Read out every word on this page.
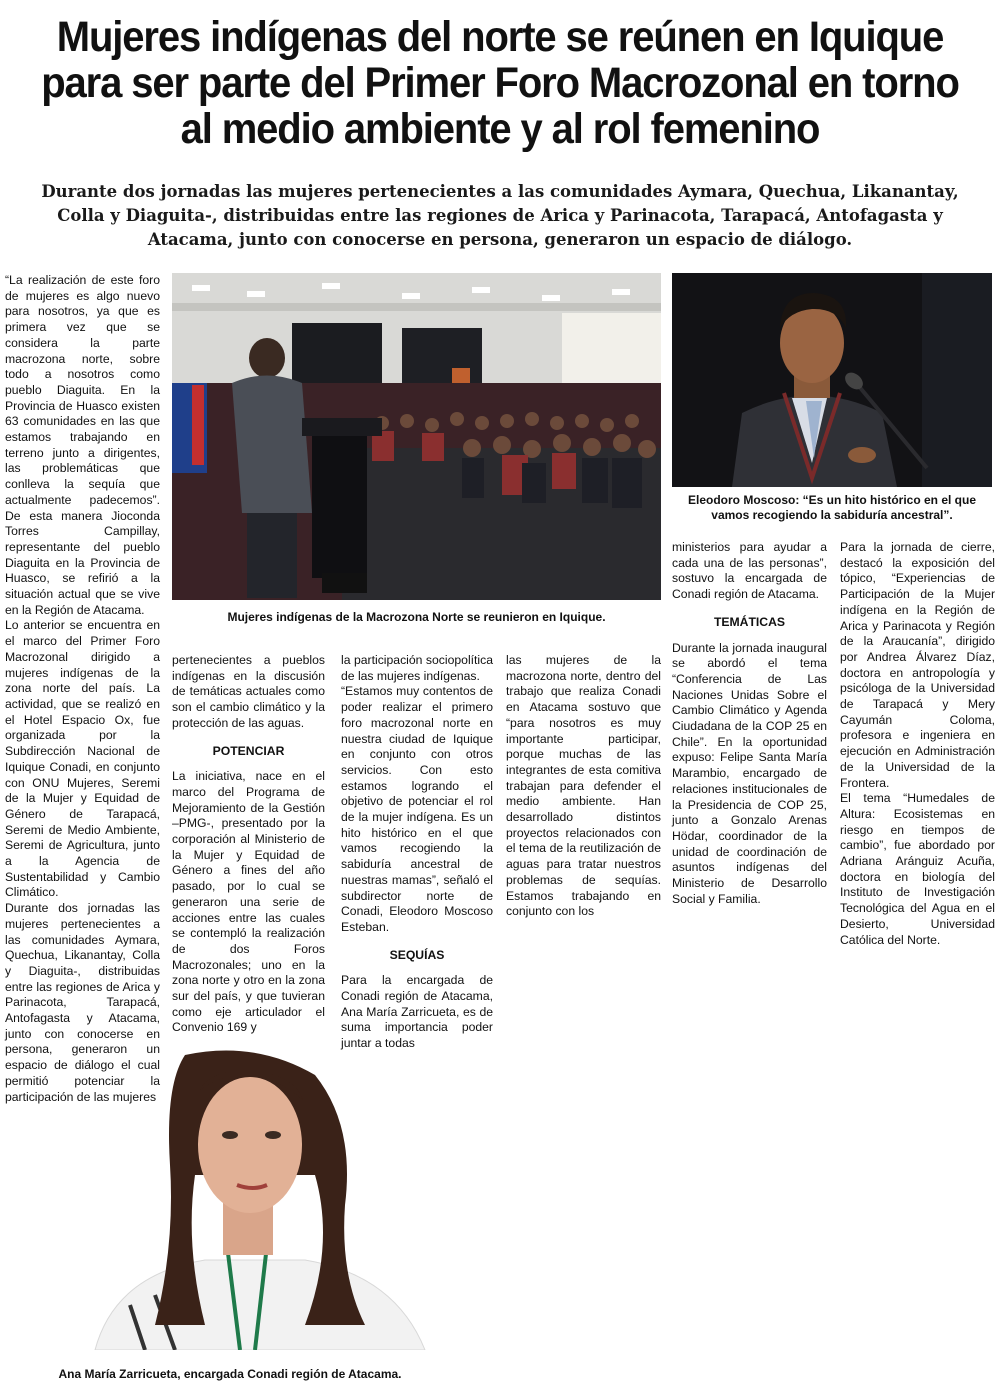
Mujeres indígenas del norte se reúnen en Iquique
para ser parte del Primer Foro Macrozonal en torno
al medio ambiente y al rol femenino
Durante dos jornadas las mujeres pertenecientes a las comunidades Aymara, Quechua, Likanantay, Colla y Diaguita-, distribuidas entre las regiones de Arica y Parinacota, Tarapacá, Antofagasta y Atacama, junto con conocerse en persona, generaron un espacio de diálogo.
Mujeres indígenas de la Macrozona Norte se reunieron en Iquique.
Eleodoro Moscoso: “Es un hito histórico en el que vamos recogiendo la sabiduría ancestral”.
Ana María Zarricueta, encargada Conadi región de Atacama.

“La realización de este foro de mujeres es algo nuevo para nosotros, ya que es primera vez que se considera la parte macrozona norte, sobre todo a nosotros como pueblo Diaguita. En la Provincia de Huasco existen 63 comunidades en las que estamos trabajando en terreno junto a dirigentes, las problemáticas que conlleva la sequía que actualmente padecemos”. De esta manera Jioconda Torres Campillay, representante del pueblo Diaguita en la Provincia de Huasco, se refirió a la situación actual que se vive en la Región de Atacama.

Lo anterior se encuentra en el marco del Primer Foro Macrozonal dirigido a mujeres indígenas de la zona norte del país. La actividad, que se realizó en el Hotel Espacio Ox, fue organizada por la Subdirección Nacional de Iquique Conadi, en conjunto con ONU Mujeres, Seremi de la Mujer y Equidad de Género de Tarapacá, Seremi de Medio Ambiente, Seremi de Agricultura, junto a la Agencia de Sustentabilidad y Cambio Climático.

Durante dos jornadas las mujeres pertenecientes a las comunidades Aymara, Quechua, Likanantay, Colla y Diaguita-, distribuidas entre las regiones de Arica y Parinacota, Tarapacá, Antofagasta y Atacama, junto con conocerse en persona, generaron un espacio de diálogo el cual permitió potenciar la participación de las mujeres

pertenecientes a pueblos indígenas en la discusión de temáticas actuales como son el cambio climático y la protección de las aguas.

POTENCIAR

La iniciativa, nace en el marco del Programa de Mejoramiento de la Gestión –PMG-, presentado por la corporación al Ministerio de la Mujer y Equidad de Género a fines del año pasado, por lo cual se generaron una serie de acciones entre las cuales se contempló la realización de dos Foros Macrozonales; uno en la zona norte y otro en la zona sur del país, y que tuvieran como eje articulador el Convenio 169 y

la participación sociopolítica de las mujeres indígenas.

“Estamos muy contentos de poder realizar el primero foro macrozonal norte en nuestra ciudad de Iquique en conjunto con otros servicios. Con esto estamos logrando el objetivo de potenciar el rol de la mujer indígena. Es un hito histórico en el que vamos recogiendo la sabiduría ancestral de nuestras mamas”, señaló el subdirector norte de Conadi, Eleodoro Moscoso Esteban.

SEQUÍAS

Para la encargada de Conadi región de Atacama, Ana María Zarricueta, es de suma importancia poder juntar a todas

las mujeres de la macrozona norte, dentro del trabajo que realiza Conadi en Atacama sostuvo que “para nosotros es muy importante participar, porque muchas de las integrantes de esta comitiva trabajan para defender el medio ambiente. Han desarrollado distintos proyectos relacionados con el tema de la reutilización de aguas para tratar nuestros problemas de sequías. Estamos trabajando en conjunto con los

ministerios para ayudar a cada una de las personas”, sostuvo la encargada de Conadi región de Atacama.

TEMÁTICAS

Durante la jornada inaugural se abordó el tema “Conferencia de Las Naciones Unidas Sobre el Cambio Climático y Agenda Ciudadana de la COP 25 en Chile”. En la oportunidad expuso: Felipe Santa María Marambio, encargado de relaciones institucionales de la Presidencia de COP 25, junto a Gonzalo Arenas Hödar, coordinador de la unidad de coordinación de asuntos indígenas del Ministerio de Desarrollo Social y Familia.

Para la jornada de cierre, destacó la exposición del tópico, “Experiencias de Participación de la Mujer indígena en la Región de Arica y Parinacota y Región de la Araucanía”, dirigido por Andrea Álvarez Díaz, doctora en antropología y psicóloga de la Universidad de Tarapacá y Mery Cayumán Coloma, profesora e ingeniera en ejecución en Administración de la Universidad de la Frontera.

El tema “Humedales de Altura: Ecosistemas en riesgo en tiempos de cambio”, fue abordado por Adriana Aránguiz Acuña, doctora en biología del Instituto de Investigación Tecnológica del Agua en el Desierto, Universidad Católica del Norte.
